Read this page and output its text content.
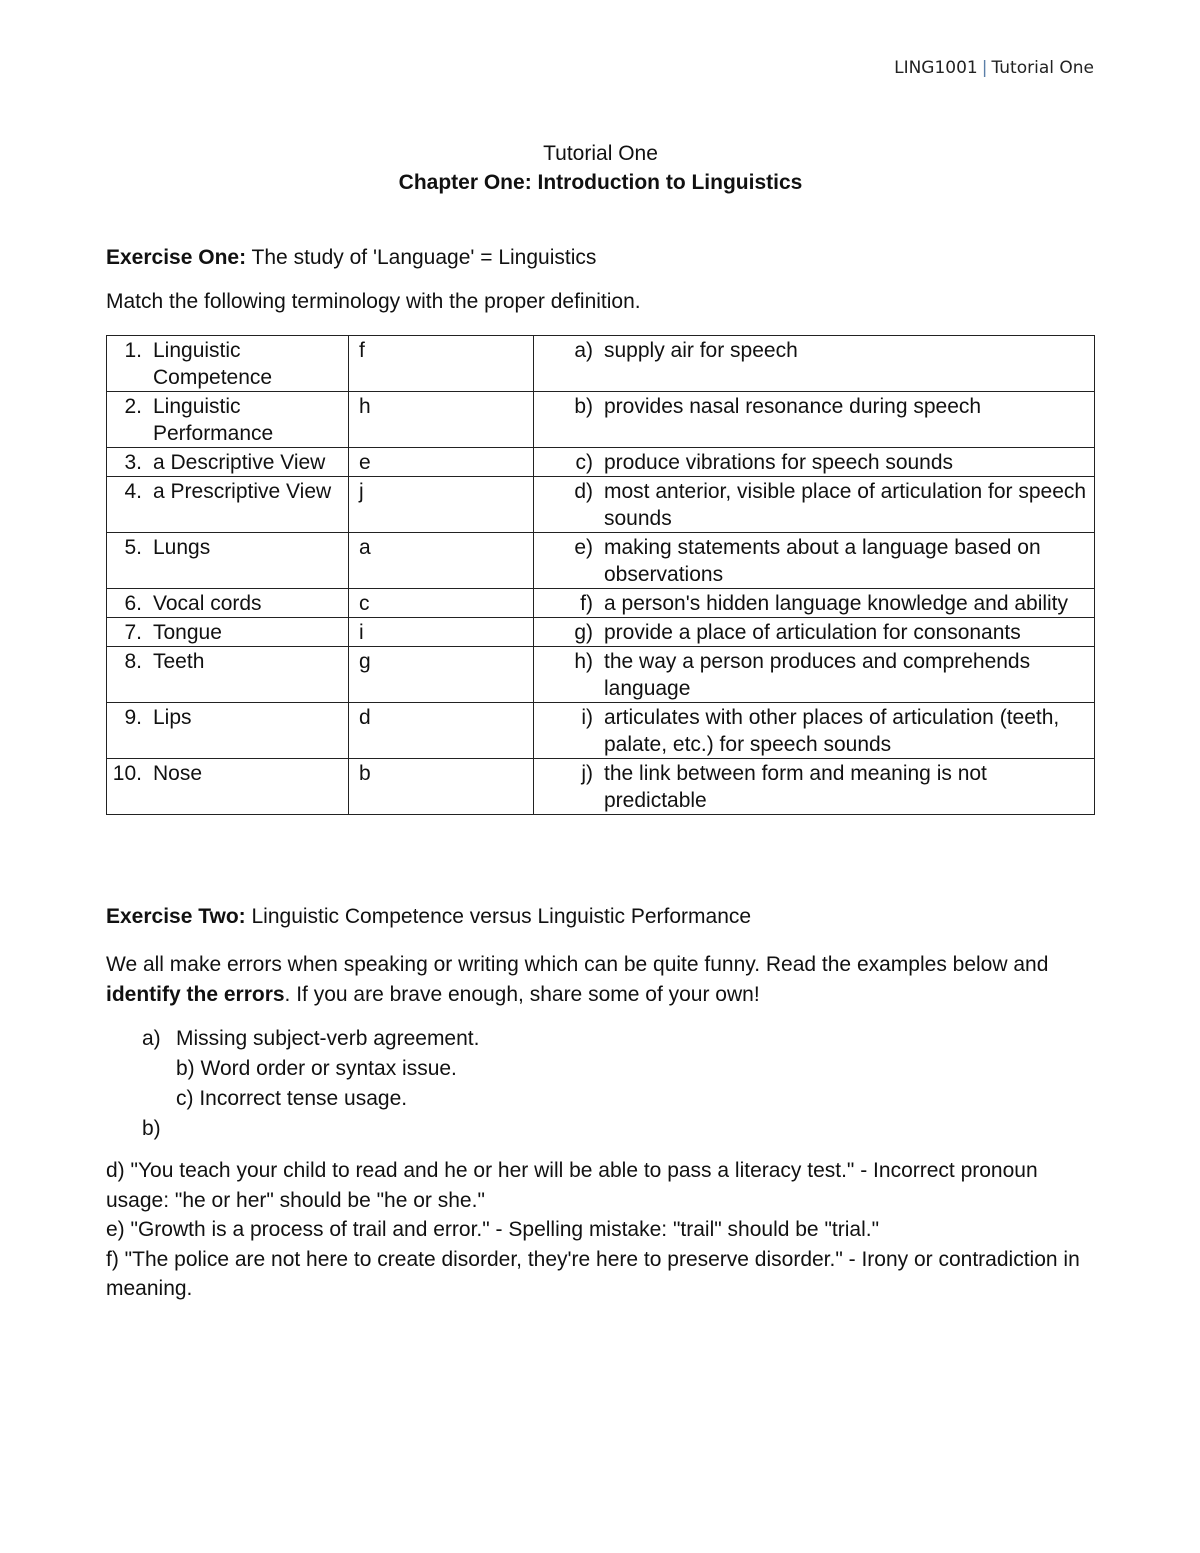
LING1001 | Tutorial One
Tutorial One
Chapter One: Introduction to Linguistics
Exercise One: The study of 'Language' = Linguistics
Match the following terminology with the proper definition.
1. Linguistic Competence	f	a) supply air for speech

2. Linguistic Performance	h	b) provides nasal resonance during speech

3. a Descriptive View	e	c) produce vibrations for speech sounds

4. a Prescriptive View	j	d) most anterior, visible place of articulation for speech sounds

5. Lungs	a	e) making statements about a language based on observations

6. Vocal cords	c	f) a person's hidden language knowledge and ability

7. Tongue	i	g) provide a place of articulation for consonants

8. Teeth	g	h) the way a person produces and comprehends language

9. Lips	d	i) articulates with other places of articulation (teeth, palate, etc.) for speech sounds

10. Nose	b	j) the link between form and meaning is not predictable
Exercise Two: Linguistic Competence versus Linguistic Performance
We all make errors when speaking or writing which can be quite funny. Read the examples below and identify the errors. If you are brave enough, share some of your own!
a) Missing subject-verb agreement.
b) Word order or syntax issue.
c) Incorrect tense usage.
b)
d) "You teach your child to read and he or her will be able to pass a literacy test." - Incorrect pronoun usage: "he or her" should be "he or she."
e) "Growth is a process of trail and error." - Spelling mistake: "trail" should be "trial."
f) "The police are not here to create disorder, they're here to preserve disorder." - Irony or contradiction in meaning.
